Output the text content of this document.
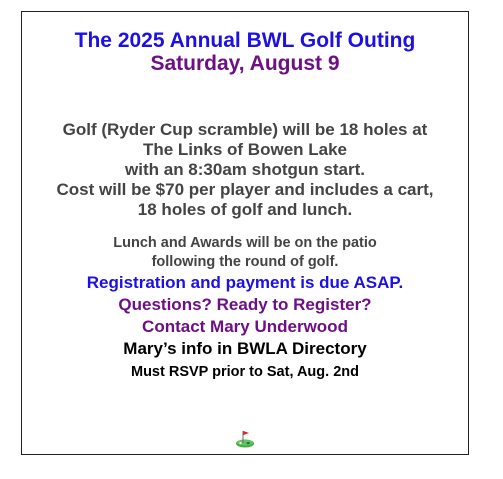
The 2025 Annual BWL Golf Outing
Saturday, August 9
Golf (Ryder Cup scramble) will be 18 holes at
The Links of Bowen Lake
with an 8:30am shotgun start.
Cost will be $70 per player and includes a cart,
18 holes of golf and lunch.
Lunch and Awards will be on the patio
following the round of golf.
Registration and payment is due ASAP.
Questions? Ready to Register?
Contact Mary Underwood
Mary’s info in BWLA Directory
Must RSVP prior to Sat, Aug. 2nd
